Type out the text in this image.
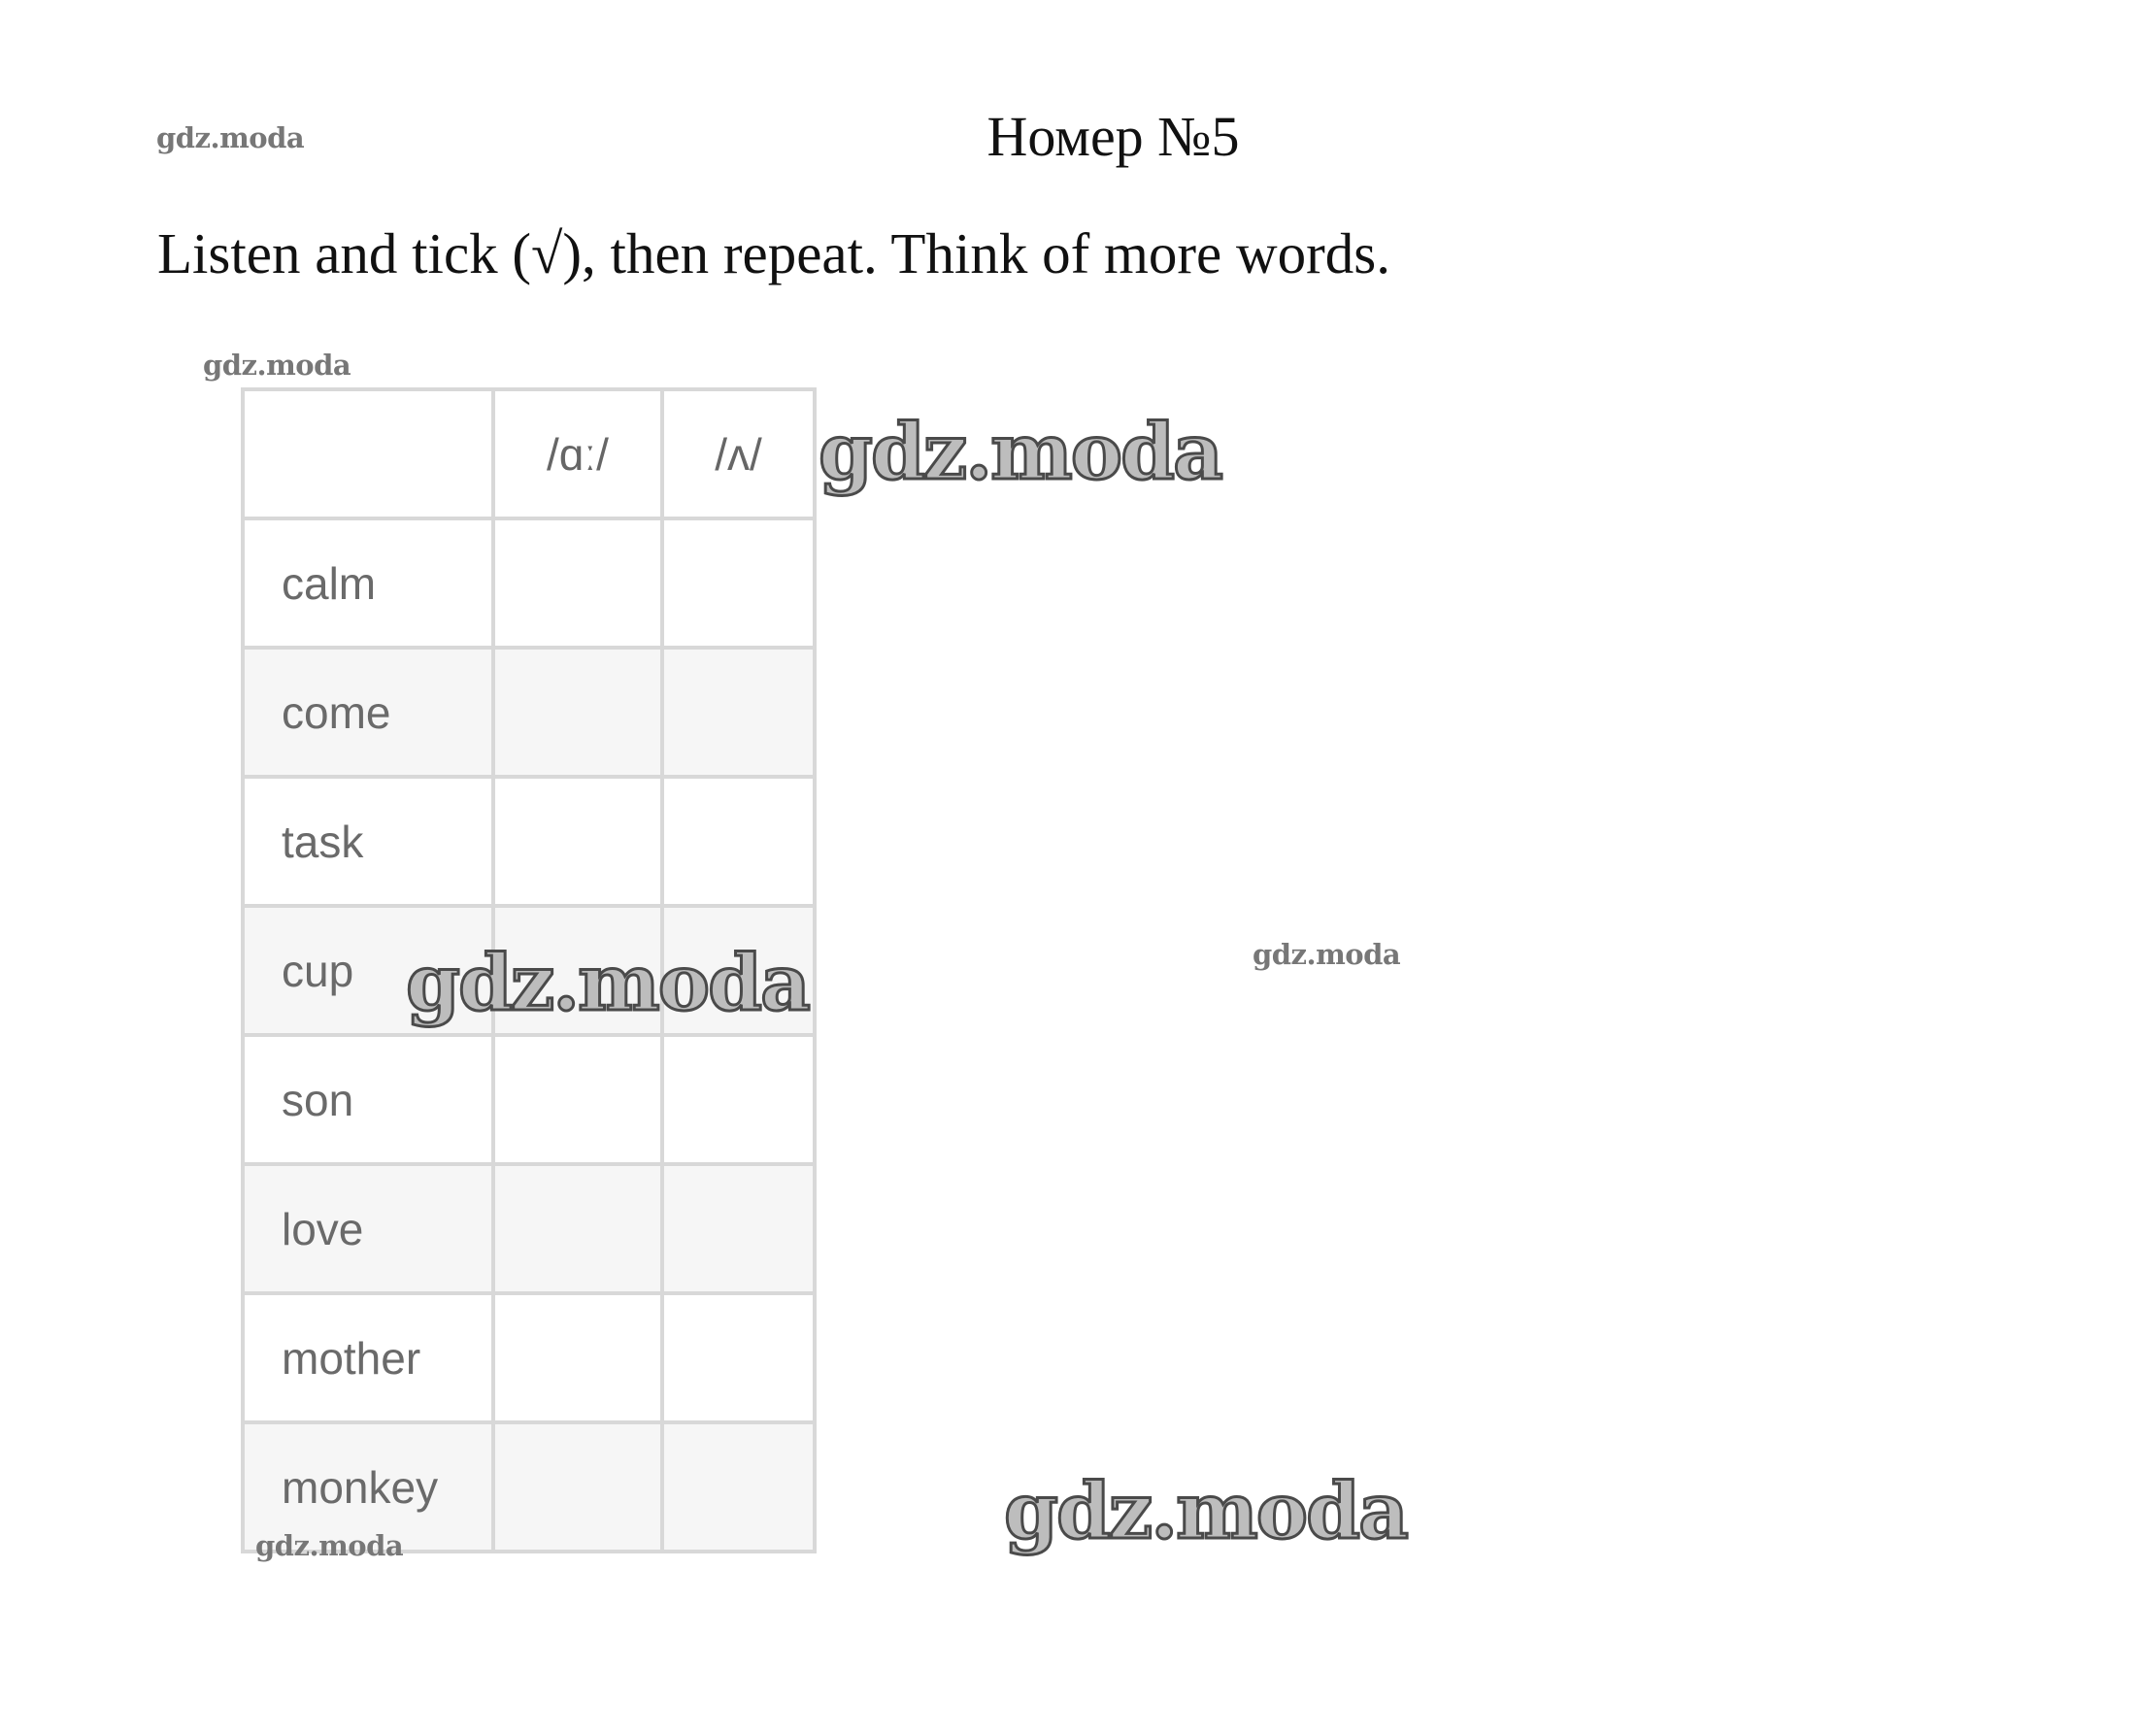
Номер №5
Listen and tick (√), then repeat. Think of more words.
	/ɑː/	/ʌ/
calm		
come		
task		
cup		
son		
love		
mother		
monkey		
gdz.moda
gdz.moda
gdz.moda
gdz.moda	gdz.moda
gdz.moda	gdz.moda
